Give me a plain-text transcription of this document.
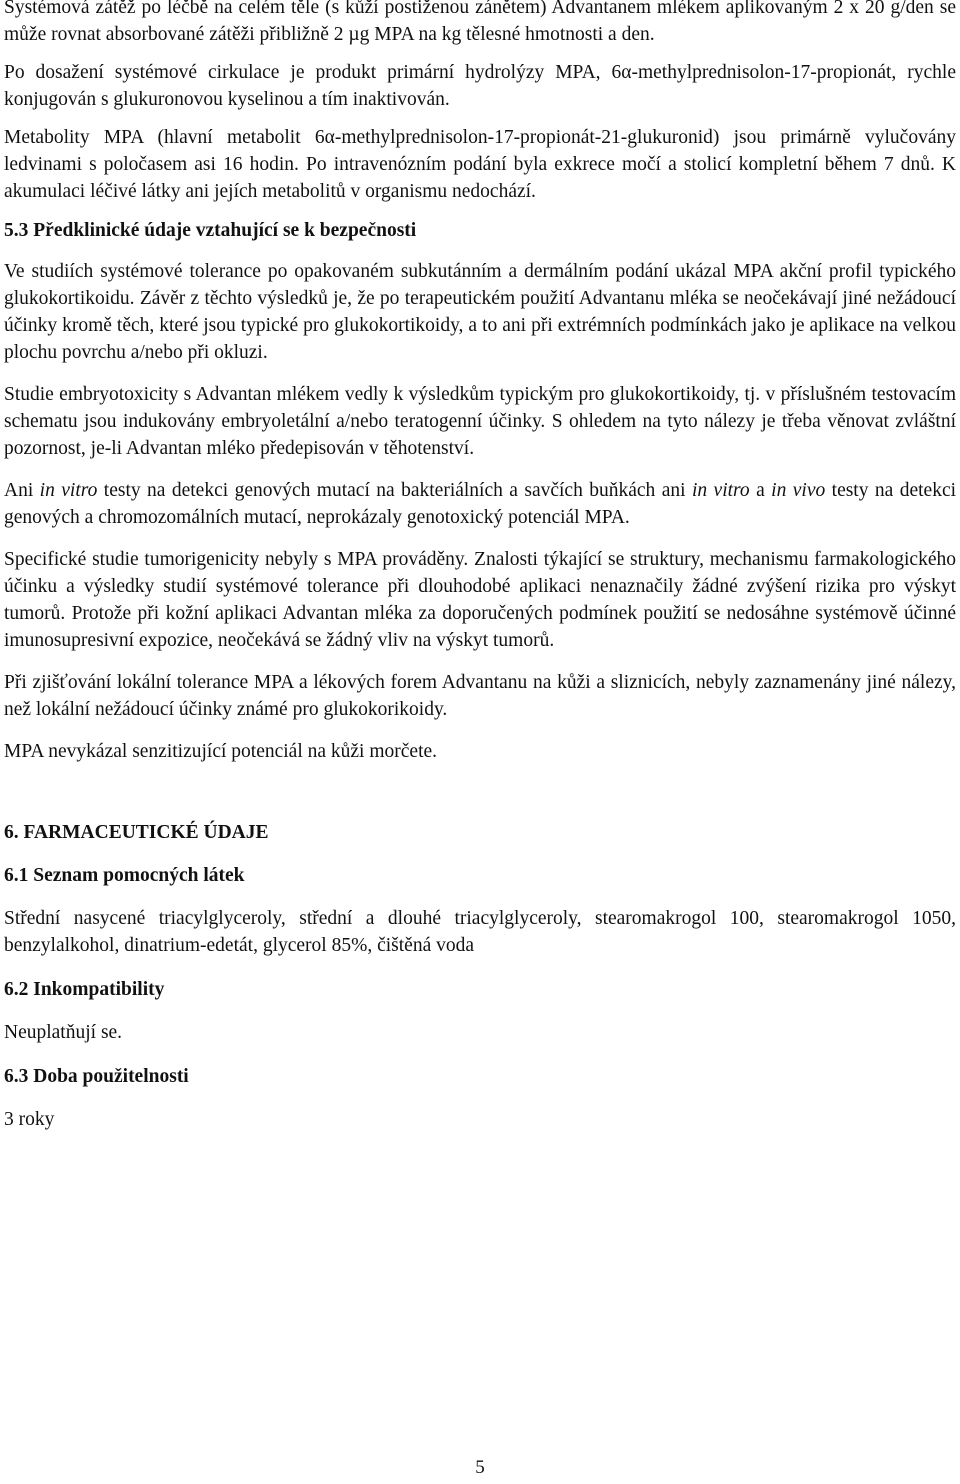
Systémová zátěž po léčbě na celém těle (s kůží postiženou zánětem) Advantanem mlékem aplikovaným 2 x 20 g/den se může rovnat absorbované zátěži přibližně 2 µg MPA na kg tělesné hmotnosti a den.

Po dosažení systémové cirkulace je produkt primární hydrolýzy MPA, 6α-methylprednisolon-17-propionát, rychle konjugován s glukuronovou kyselinou a tím inaktivován.

Metabolity MPA (hlavní metabolit 6α-methylprednisolon-17-propionát-21-glukuronid) jsou primárně vylučovány ledvinami s poločasem asi 16 hodin. Po intravenózním podání byla exkrece močí a stolicí kompletní během 7 dnů. K akumulaci léčivé látky ani jejích metabolitů v organismu nedochází.

5.3 Předklinické údaje vztahující se k bezpečnosti

Ve studiích systémové tolerance po opakovaném subkutánním a dermálním podání ukázal MPA akční profil typického glukokortikoidu. Závěr z těchto výsledků je, že po terapeutickém použití Advantanu mléka se neočekávají jiné nežádoucí účinky kromě těch, které jsou typické pro glukokortikoidy, a to ani při extrémních podmínkách jako je aplikace na velkou plochu povrchu a/nebo při okluzi.

Studie embryotoxicity s Advantan mlékem vedly k výsledkům typickým pro glukokortikoidy, tj. v příslušném testovacím schematu jsou indukovány embryoletální a/nebo teratogenní účinky. S ohledem na tyto nálezy je třeba věnovat zvláštní pozornost, je-li Advantan mléko předepisován v těhotenství.

Ani in vitro testy na detekci genových mutací na bakteriálních a savčích buňkách ani in vitro a in vivo testy na detekci genových a chromozomálních mutací, neprokázaly genotoxický potenciál MPA.

Specifické studie tumorigenicity nebyly s MPA prováděny. Znalosti týkající se struktury, mechanismu farmakologického účinku a výsledky studií systémové tolerance při dlouhodobé aplikaci nenaznačily žádné zvýšení rizika pro výskyt tumorů. Protože při kožní aplikaci Advantan mléka za doporučených podmínek použití se nedosáhne systémově účinné imunosupresivní expozice, neočekává se žádný vliv na výskyt tumorů.

Při zjišťování lokální tolerance MPA a lékových forem Advantanu na kůži a sliznicích, nebyly zaznamenány jiné nálezy, než lokální nežádoucí účinky známé pro glukokorikoidy.

MPA nevykázal senzitizující potenciál na kůži morčete.

6. FARMACEUTICKÉ ÚDAJE

6.1 Seznam pomocných látek

Střední nasycené triacylglyceroly, střední a dlouhé triacylglyceroly, stearomakrogol 100, stearomakrogol 1050, benzylalkohol, dinatrium-edetát, glycerol 85%, čištěná voda

6.2 Inkompatibility

Neuplatňují se.

6.3 Doba použitelnosti

3 roky

5
